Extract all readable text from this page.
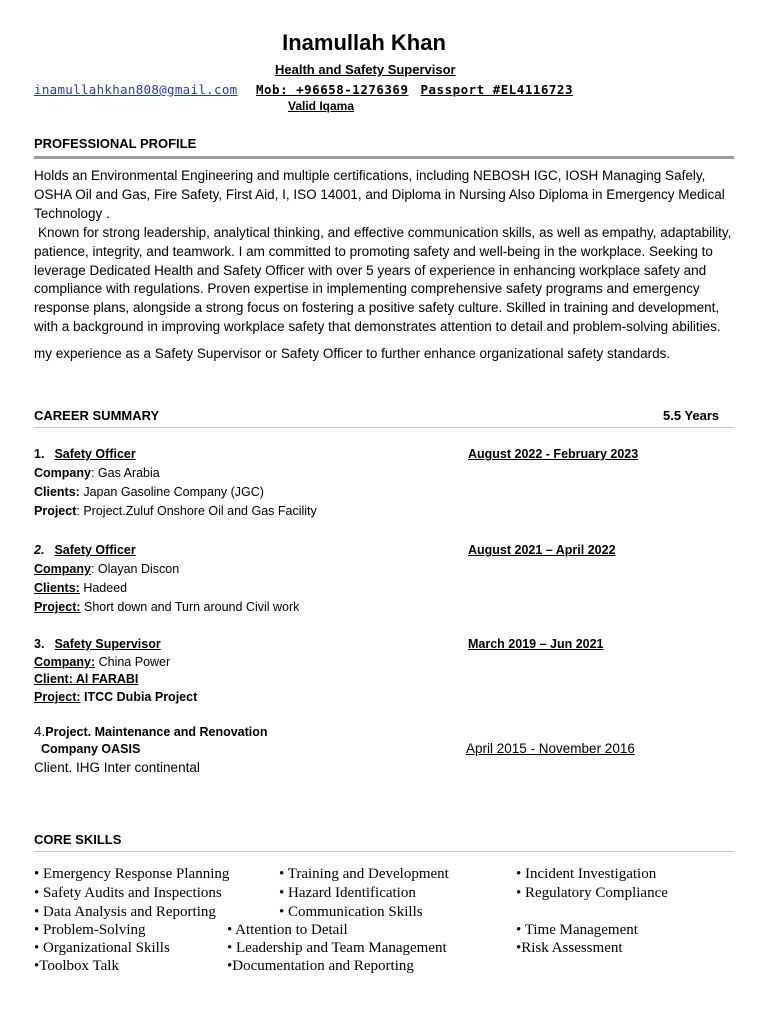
Inamullah Khan
Health and Safety Supervisor
inamullahkhan808@gmail.com Mob: +96658-1276369 Passport #EL4116723
Valid Iqama
PROFESSIONAL PROFILE

Holds an Environmental Engineering and multiple certifications, including NEBOSH IGC, IOSH Managing Safely, OSHA Oil and Gas, Fire Safety, First Aid, I, ISO 14001, and Diploma in Nursing Also Diploma in Emergency Medical Technology .

Known for strong leadership, analytical thinking, and effective communication skills, as well as empathy, adaptability, patience, integrity, and teamwork. I am committed to promoting safety and well-being in the workplace. Seeking to leverage Dedicated Health and Safety Officer with over 5 years of experience in enhancing workplace safety and compliance with regulations. Proven expertise in implementing comprehensive safety programs and emergency response plans, alongside a strong focus on fostering a positive safety culture. Skilled in training and development, with a background in improving workplace safety that demonstrates attention to detail and problem-solving abilities.

my experience as a Safety Supervisor or Safety Officer to further enhance organizational safety standards.

CAREER SUMMARY	5.5 Years
1. Safety Officer	August 2022 - February 2023
Company: Gas Arabia
Clients: Japan Gasoline Company (JGC)
Project: Project.Zuluf Onshore Oil and Gas Facility
2. Safety Officer	August 2021 – April 2022
Company: Olayan Discon
Clients: Hadeed
Project: Short down and Turn around Civil work
3. Safety Supervisor	March 2019 – Jun 2021
Company: China Power
Client: Al FARABI
Project: ITCC Dubia Project
4.Project. Maintenance and Renovation
Company OASIS	April 2015 - November 2016
Client. IHG Inter continental
CORE SKILLS
• Emergency Response Planning	• Training and Development	• Incident Investigation
• Safety Audits and Inspections	• Hazard Identification	• Regulatory Compliance
• Data Analysis and Reporting	• Communication Skills
• Problem-Solving	• Attention to Detail	• Time Management
• Organizational Skills	• Leadership and Team Management	•Risk Assessment
•Toolbox Talk	•Documentation and Reporting
